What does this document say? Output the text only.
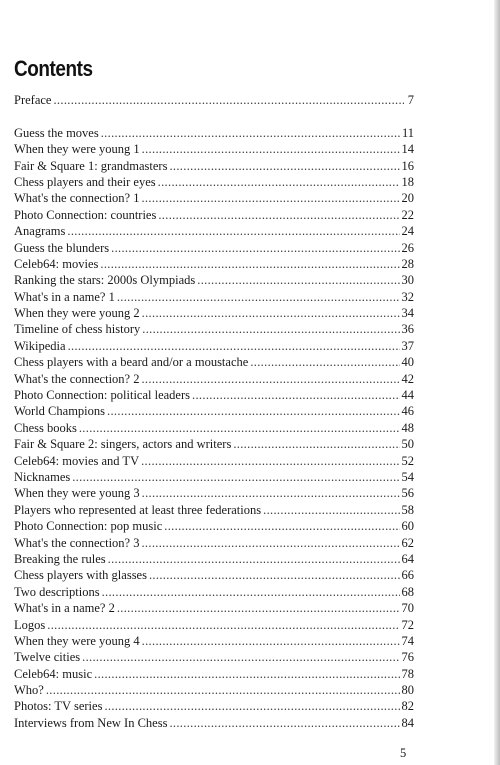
Contents
Preface . . .	7
Guess the moves . . .	11
When they were young 1 . . .	14
Fair & Square 1: grandmasters . . .	16
Chess players and their eyes . . .	18
What's the connection? 1 . . .	20
Photo Connection: countries . . .	22
Anagrams . . .	24
Guess the blunders . . .	26
Celeb64: movies . . .	28
Ranking the stars: 2000s Olympiads . . .	30
What's in a name? 1 . . .	32
When they were young 2 . . .	34
Timeline of chess history . . .	36
Wikipedia . . .	37
Chess players with a beard and/or a moustache . . .	40
What's the connection? 2 . . .	42
Photo Connection: political leaders . . .	44
World Champions . . .	46
Chess books . . .	48
Fair & Square 2: singers, actors and writers . . .	50
Celeb64: movies and TV . . .	52
Nicknames . . .	54
When they were young 3 . . .	56
Players who represented at least three federations . . .	58
Photo Connection: pop music . . .	60
What's the connection? 3 . . .	62
Breaking the rules . . .	64
Chess players with glasses . . .	66
Two descriptions . . .	68
What's in a name? 2 . . .	70
Logos . . .	72
When they were young 4 . . .	74
Twelve cities . . .	76
Celeb64: music . . .	78
Who? . . .	80
Photos: TV series . . .	82
Interviews from New In Chess . . .	84
5
